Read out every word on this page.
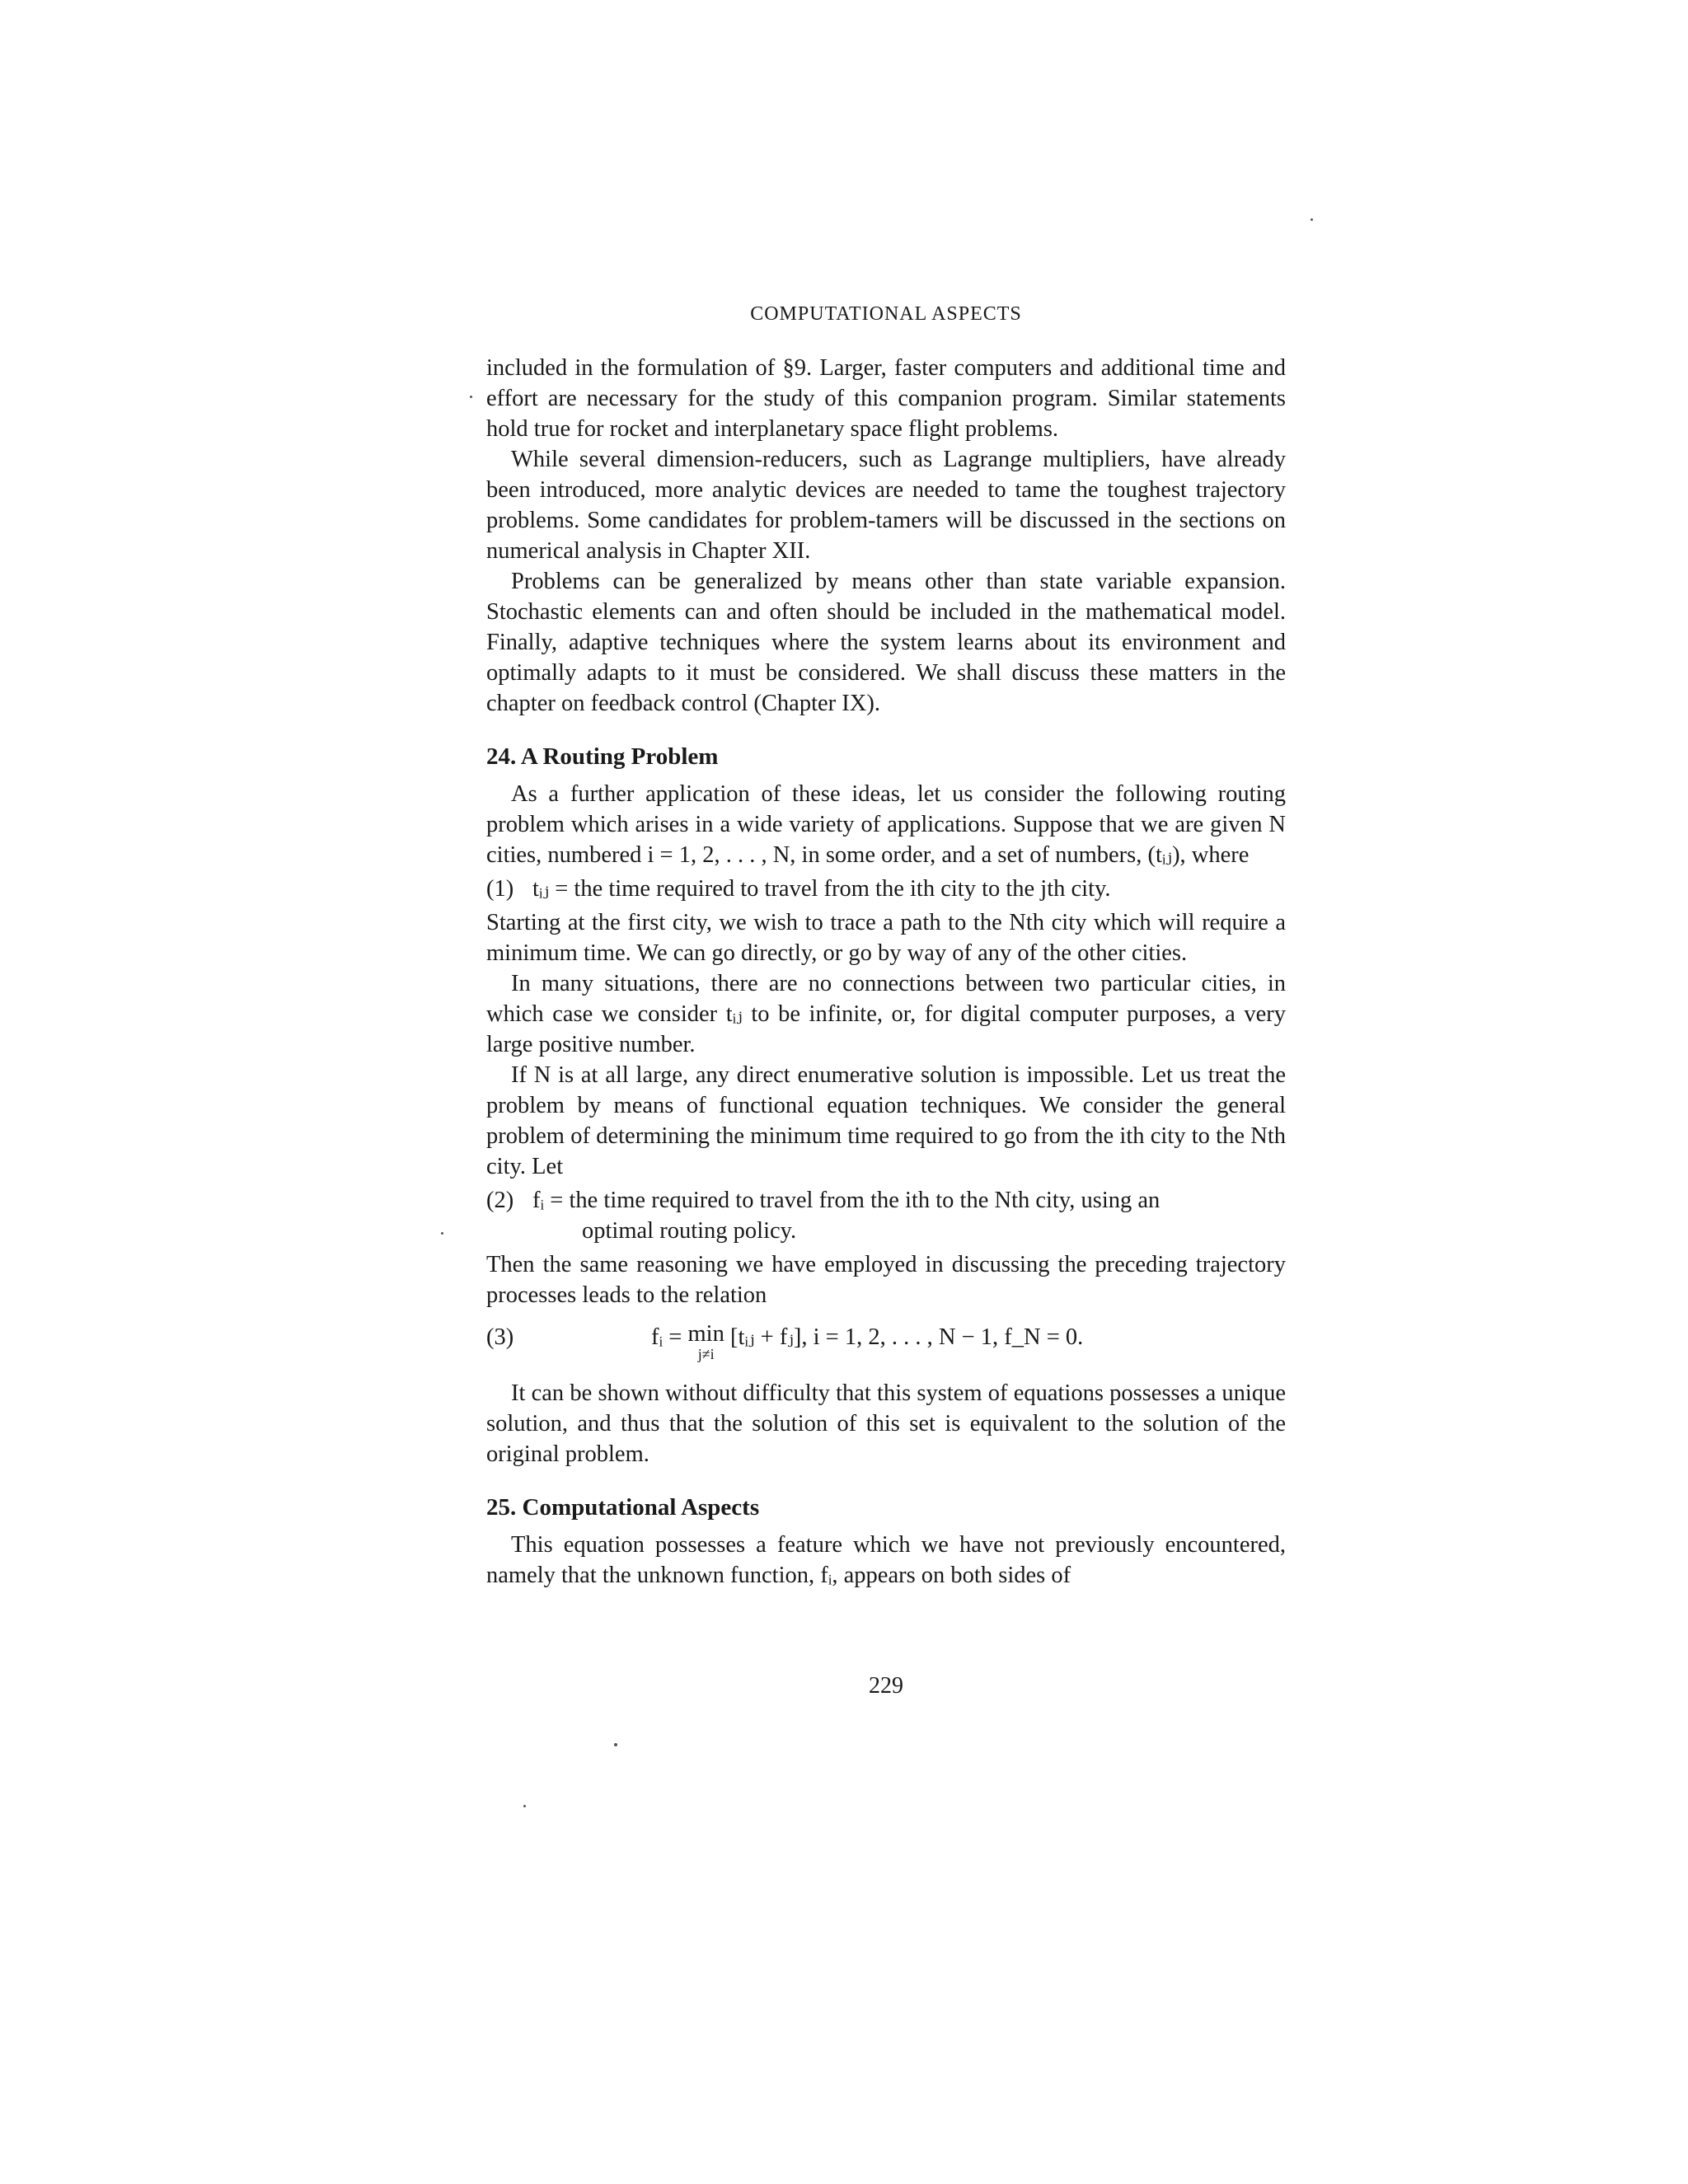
COMPUTATIONAL ASPECTS

included in the formulation of §9. Larger, faster computers and additional time and effort are necessary for the study of this companion program. Similar statements hold true for rocket and interplanetary space flight problems.

While several dimension-reducers, such as Lagrange multipliers, have already been introduced, more analytic devices are needed to tame the toughest trajectory problems. Some candidates for problem-tamers will be discussed in the sections on numerical analysis in Chapter XII.

Problems can be generalized by means other than state variable expansion. Stochastic elements can and often should be included in the mathematical model. Finally, adaptive techniques where the system learns about its environment and optimally adapts to it must be considered. We shall discuss these matters in the chapter on feedback control (Chapter IX).

24. A Routing Problem

As a further application of these ideas, let us consider the following routing problem which arises in a wide variety of applications. Suppose that we are given N cities, numbered i = 1, 2, . . . , N, in some order, and a set of numbers, (tᵢⱼ), where

(1) tᵢⱼ = the time required to travel from the ith city to the jth city.

Starting at the first city, we wish to trace a path to the Nth city which will require a minimum time. We can go directly, or go by way of any of the other cities.

In many situations, there are no connections between two particular cities, in which case we consider tᵢⱼ to be infinite, or, for digital computer purposes, a very large positive number.

If N is at all large, any direct enumerative solution is impossible. Let us treat the problem by means of functional equation techniques. We consider the general problem of determining the minimum time required to go from the ith city to the Nth city. Let

(2) fᵢ = the time required to travel from the ith to the Nth city, using an
optimal routing policy.

Then the same reasoning we have employed in discussing the preceding trajectory processes leads to the relation

(3)	fᵢ = min
j≠i
[tᵢⱼ + fⱼ], i = 1, 2, . . . , N − 1, f_N = 0.

It can be shown without difficulty that this system of equations possesses a unique solution, and thus that the solution of this set is equivalent to the solution of the original problem.

25. Computational Aspects

This equation possesses a feature which we have not previously encountered, namely that the unknown function, fᵢ, appears on both sides of

229
